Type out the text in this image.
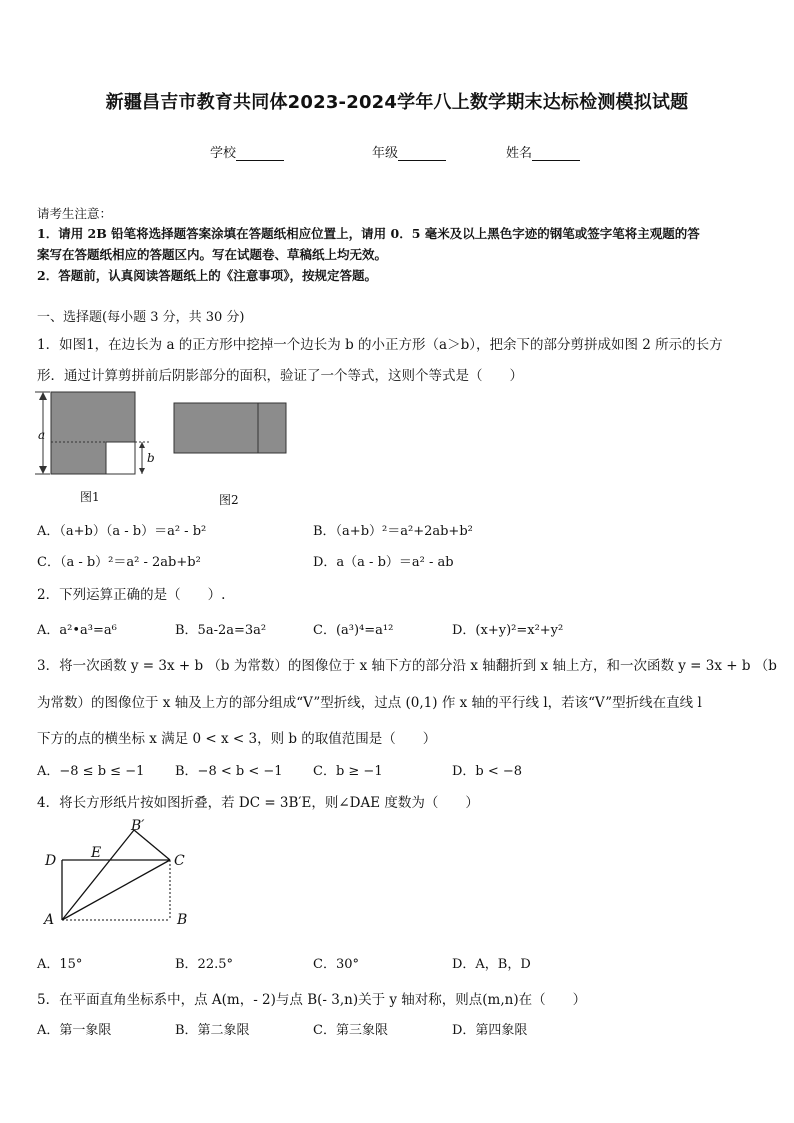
新疆昌吉市教育共同体2023-2024学年八上数学期末达标检测模拟试题
学校	年级	姓名
请考生注意：
1．请用 2B 铅笔将选择题答案涂填在答题纸相应位置上，请用 0．5 毫米及以上黑色字迹的钢笔或签字笔将主观题的答
案写在答题纸相应的答题区内。写在试题卷、草稿纸上均无效。
2．答题前，认真阅读答题纸上的《注意事项》，按规定答题。
一、选择题(每小题 3 分，共 30 分)
1．如图1，在边长为 a 的正方形中挖掉一个边长为 b 的小正方形（a＞b），把余下的部分剪拼成如图 2 所示的长方
形．通过计算剪拼前后阴影部分的面积，验证了一个等式，这则个等式是（　　）
a
b
图1	图2
A．（a+b）（a - b）＝a² - b²	B．（a+b）²＝a²+2ab+b²
C．（a - b）²＝a² - 2ab+b²	D．a（a - b）＝a² - ab
2．下列运算正确的是（　　）.
A．a²•a³=a⁶	B．5a-2a=3a²	C．(a³)⁴=a¹²	D．(x+y)²=x²+y²
3．将一次函数 y = 3x + b （b 为常数）的图像位于 x 轴下方的部分沿 x 轴翻折到 x 轴上方，和一次函数 y = 3x + b （b
为常数）的图像位于 x 轴及上方的部分组成“V”型折线，过点 (0,1) 作 x 轴的平行线 l，若该“V”型折线在直线 l
下方的点的横坐标 x 满足 0 < x < 3，则 b 的取值范围是（　　）
A．−8 ≤ b ≤ −1 B．−8 < b < −1 C．b ≥ −1	D．b < −8
4．将长方形纸片按如图折叠，若 DC = 3B′E，则∠DAE 度数为（　　）
B′
D E	C
A	B
A．15°	B．22.5°	C．30°	D．A，B，D
5．在平面直角坐标系中，点 A(m，- 2)与点 B(- 3,n)关于 y 轴对称，则点(m,n)在（　　）
A．第一象限	B．第二象限	C．第三象限	D．第四象限
